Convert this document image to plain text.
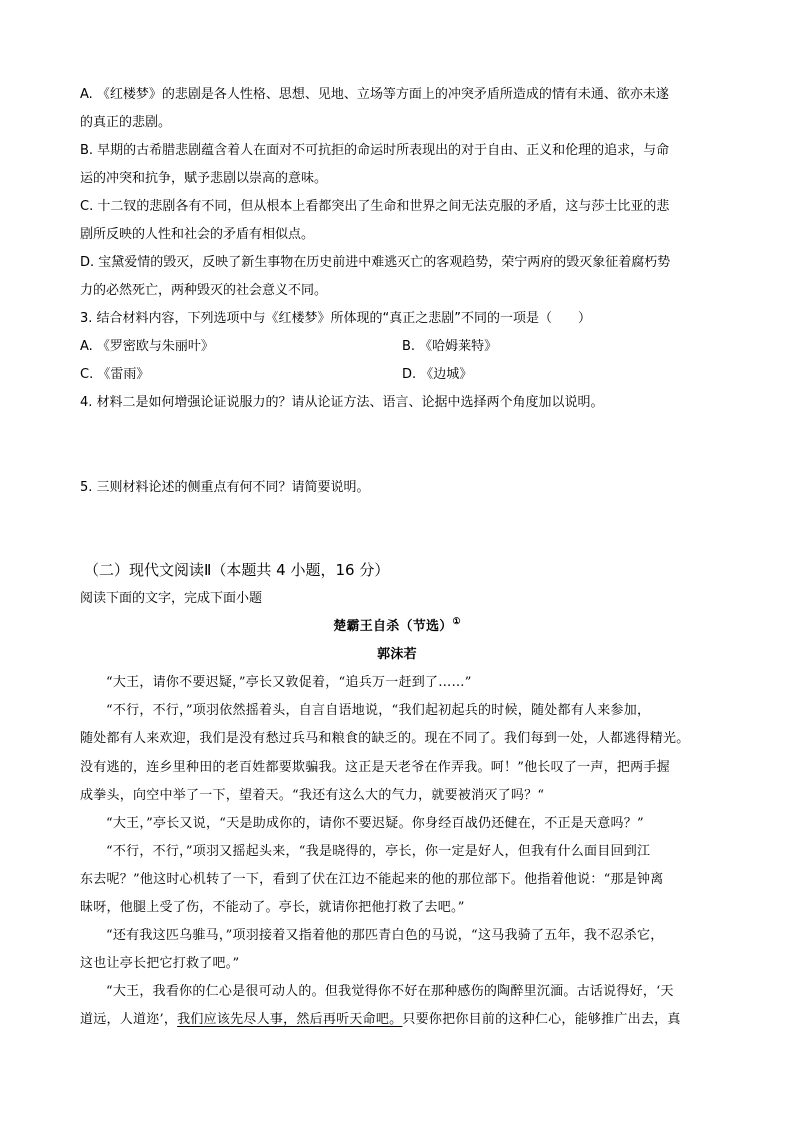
A. 《红楼梦》的悲剧是各人性格、思想、见地、立场等方面上的冲突矛盾所造成的情有未通、欲亦未遂
的真正的悲剧。
B. 早期的古希腊悲剧蕴含着人在面对不可抗拒的命运时所表现出的对于自由、正义和伦理的追求，与命
运的冲突和抗争，赋予悲剧以崇高的意味。
C. 十二钗的悲剧各有不同，但从根本上看都突出了生命和世界之间无法克服的矛盾，这与莎士比亚的悲
剧所反映的人性和社会的矛盾有相似点。
D. 宝黛爱情的毁灭，反映了新生事物在历史前进中难逃灭亡的客观趋势，荣宁两府的毁灭象征着腐朽势
力的必然死亡，两种毁灭的社会意义不同。
3. 结合材料内容，下列选项中与《红楼梦》所体现的“真正之悲剧”不同的一项是（　　）
A. 《罗密欧与朱丽叶》	B. 《哈姆莱特》
C. 《雷雨》	D. 《边城》
4. 材料二是如何增强论证说服力的？请从论证方法、语言、论据中选择两个角度加以说明。
5. 三则材料论述的侧重点有何不同？请简要说明。
（二）现代文阅读Ⅱ（本题共 4 小题，16 分）
阅读下面的文字，完成下面小题
楚霸王自杀（节选）①
郭沫若
“大王，请你不要迟疑，”亭长又敦促着，“追兵万一赶到了……”
“不行，不行，”项羽依然摇着头，自言自语地说，“我们起初起兵的时候，随处都有人来参加，
随处都有人来欢迎，我们是没有愁过兵马和粮食的缺乏的。现在不同了。我们每到一处，人都逃得精光。
没有逃的，连乡里种田的老百姓都要欺骗我。这正是天老爷在作弄我。呵！”他长叹了一声，把两手握
成拳头，向空中举了一下，望着天。“我还有这么大的气力，就要被消灭了吗？“
“大王，”亭长又说，“天是助成你的，请你不要迟疑。你身经百战仍还健在，不正是天意吗？”
“不行，不行，”项羽又摇起头来，“我是晓得的，亭长，你一定是好人，但我有什么面目回到江
东去呢？”他这时心机转了一下，看到了伏在江边不能起来的他的那位部下。他指着他说：“那是钟离
昧呀，他腿上受了伤，不能动了。亭长，就请你把他打救了去吧。”
“还有我这匹乌骓马，”项羽接着又指着他的那匹青白色的马说，“这马我骑了五年，我不忍杀它，
这也让亭长把它打救了吧。”
“大王，我看你的仁心是很可动人的。但我觉得你不好在那种感伤的陶醉里沉湎。古话说得好，‘天
道远，人道迩’，我们应该先尽人事，然后再听天命吧。只要你把你目前的这种仁心，能够推广出去，真
